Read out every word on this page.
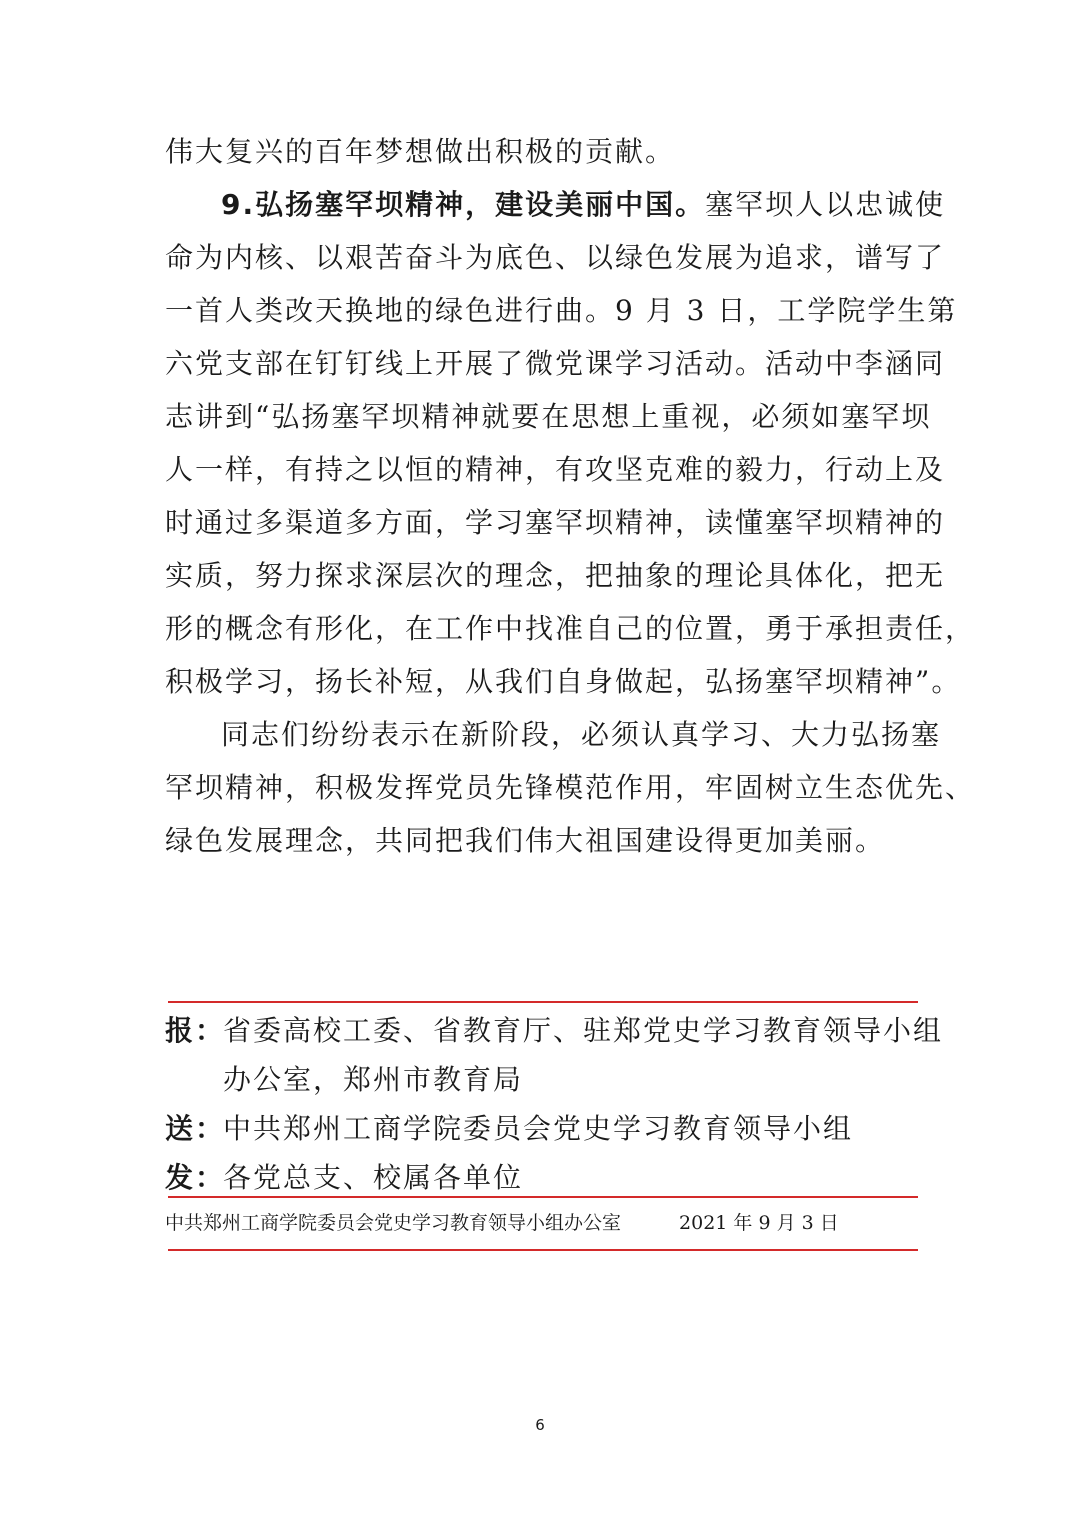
伟大复兴的百年梦想做出积极的贡献。
9.弘扬塞罕坝精神，建设美丽中国。塞罕坝人以忠诚使
命为内核、以艰苦奋斗为底色、以绿色发展为追求，谱写了
一首人类改天换地的绿色进行曲。9 月 3 日，工学院学生第
六党支部在钉钉线上开展了微党课学习活动。活动中李涵同
志讲到“弘扬塞罕坝精神就要在思想上重视，必须如塞罕坝
人一样，有持之以恒的精神，有攻坚克难的毅力，行动上及
时通过多渠道多方面，学习塞罕坝精神，读懂塞罕坝精神的
实质，努力探求深层次的理念，把抽象的理论具体化，把无
形的概念有形化，在工作中找准自己的位置，勇于承担责任，
积极学习，扬长补短，从我们自身做起，弘扬塞罕坝精神”。
同志们纷纷表示在新阶段，必须认真学习、大力弘扬塞
罕坝精神，积极发挥党员先锋模范作用，牢固树立生态优先、
绿色发展理念，共同把我们伟大祖国建设得更加美丽。
报：
省委高校工委、省教育厅、驻郑党史学习教育领导小组
办公室，郑州市教育局
送：
中共郑州工商学院委员会党史学习教育领导小组
发：
各党总支、校属各单位
中共郑州工商学院委员会党史学习教育领导小组办公室	2021 年 9 月 3 日
6
